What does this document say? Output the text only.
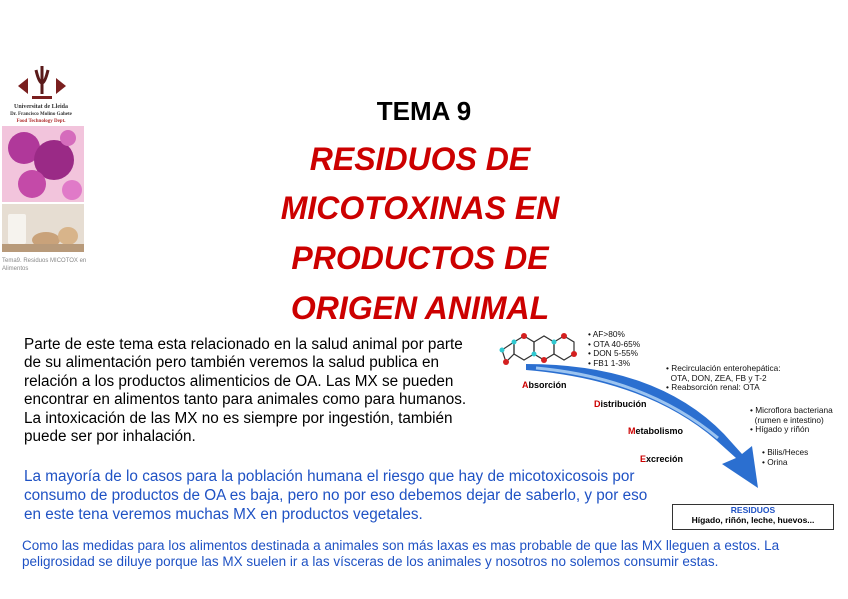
Universitat de Lleida
Dr. Francisco Molino Gahete
Food Technology Dept.
Tema9. Residuos MICOTOX en Alimentos
TEMA 9
RESIDUOS DE
MICOTOXINAS EN
PRODUCTOS DE
ORIGEN ANIMAL
Parte de este tema esta relacionado en la salud animal por parte de su alimentación pero también veremos la salud publica en relación a los productos alimenticios de OA. Las MX se pueden encontrar en alimentos tanto para animales como para humanos. La intoxicación de las MX no es siempre por ingestión, también puede ser por inhalación.
La mayoría de lo casos para la población humana el riesgo que hay de micotoxicosois por consumo de productos de OA es baja, pero no por eso debemos dejar de saberlo, y por eso en este tena veremos muchas MX en productos vegetales.
Como las medidas para los alimentos destinada a animales son más laxas es mas probable de que las MX lleguen a estos. La peligrosidad se diluye porque las MX suelen ir a las vísceras de los animales y nosotros no solemos consumir estas.
Absorción
Distribución
Metabolismo
Excreción
• AF>80%
• OTA 40-65%
• DON 5-55%
• FB1 1-3%
• Recirculación enterohepática:
OTA, DON, ZEA, FB y T-2
• Reabsorción renal: OTA
• Microflora bacteriana
(rumen e intestino)
• Hígado y riñón
• Bilis/Heces
• Orina
RESIDUOS
Hígado, riñón, leche, huevos...
